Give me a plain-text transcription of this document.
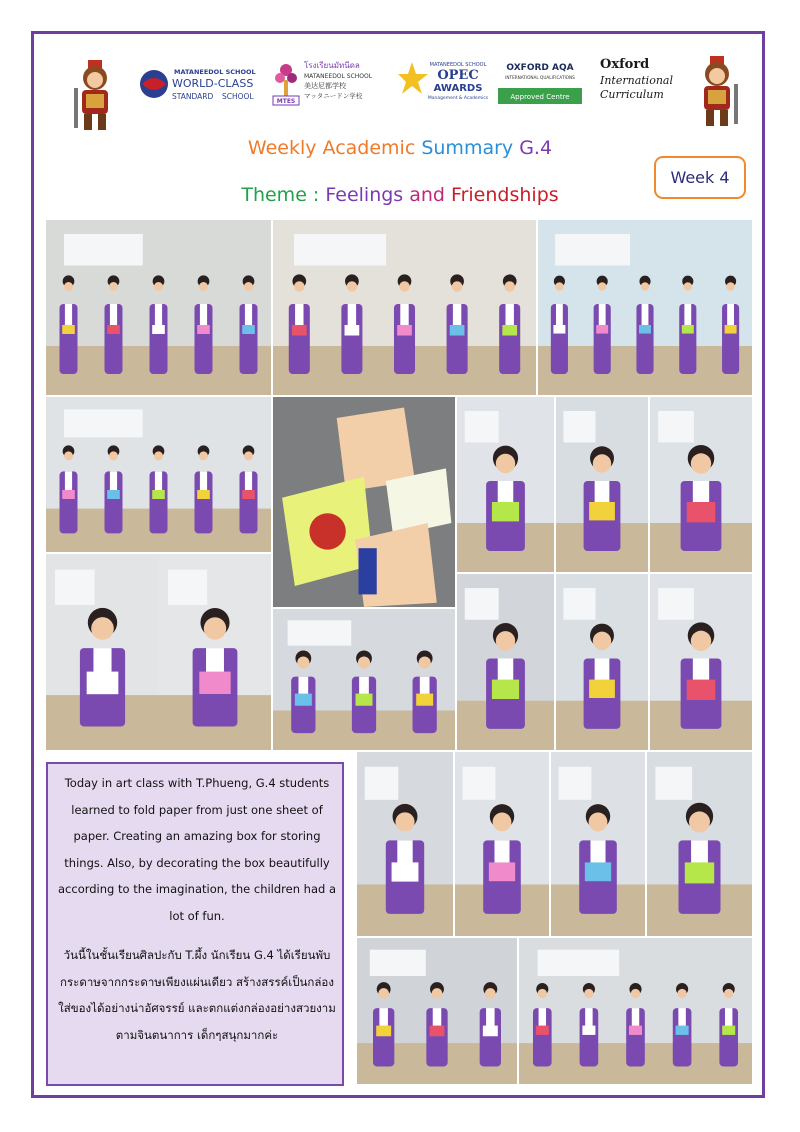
MATANEEDOL SCHOOL
WORLD-CLASS
STANDARD SCHOOL
MTES
โรงเรียนมัทนีดล
MATANEEDOL SCHOOL
美达尼都学校
マッタニードン学校
MATANEEDOL SCHOOL
OPEC
AWARDS
Management & Academics
OXFORD AQA
INTERNATIONAL QUALIFICATIONS
Approved Centre
Oxford
International
Curriculum
Weekly Academic Summary G.4
Theme : Feelings and Friendships
Week 4
Today in art class with T.Phueng, G.4 students learned to fold paper from just one sheet of paper. Creating an amazing box for storing things. Also, by decorating the box beautifully according to the imagination, the children had a lot of fun.
วันนี้ในชั้นเรียนศิลปะกับ T.ผึ้ง นักเรียน G.4 ได้เรียนพับกระดาษจากกระดาษเพียงแผ่นเดียว สร้างสรรค์เป็นกล่องใส่ของได้อย่างน่าอัศจรรย์ และตกแต่งกล่องอย่างสวยงามตามจินตนาการ เด็กๆสนุกมากค่ะ
